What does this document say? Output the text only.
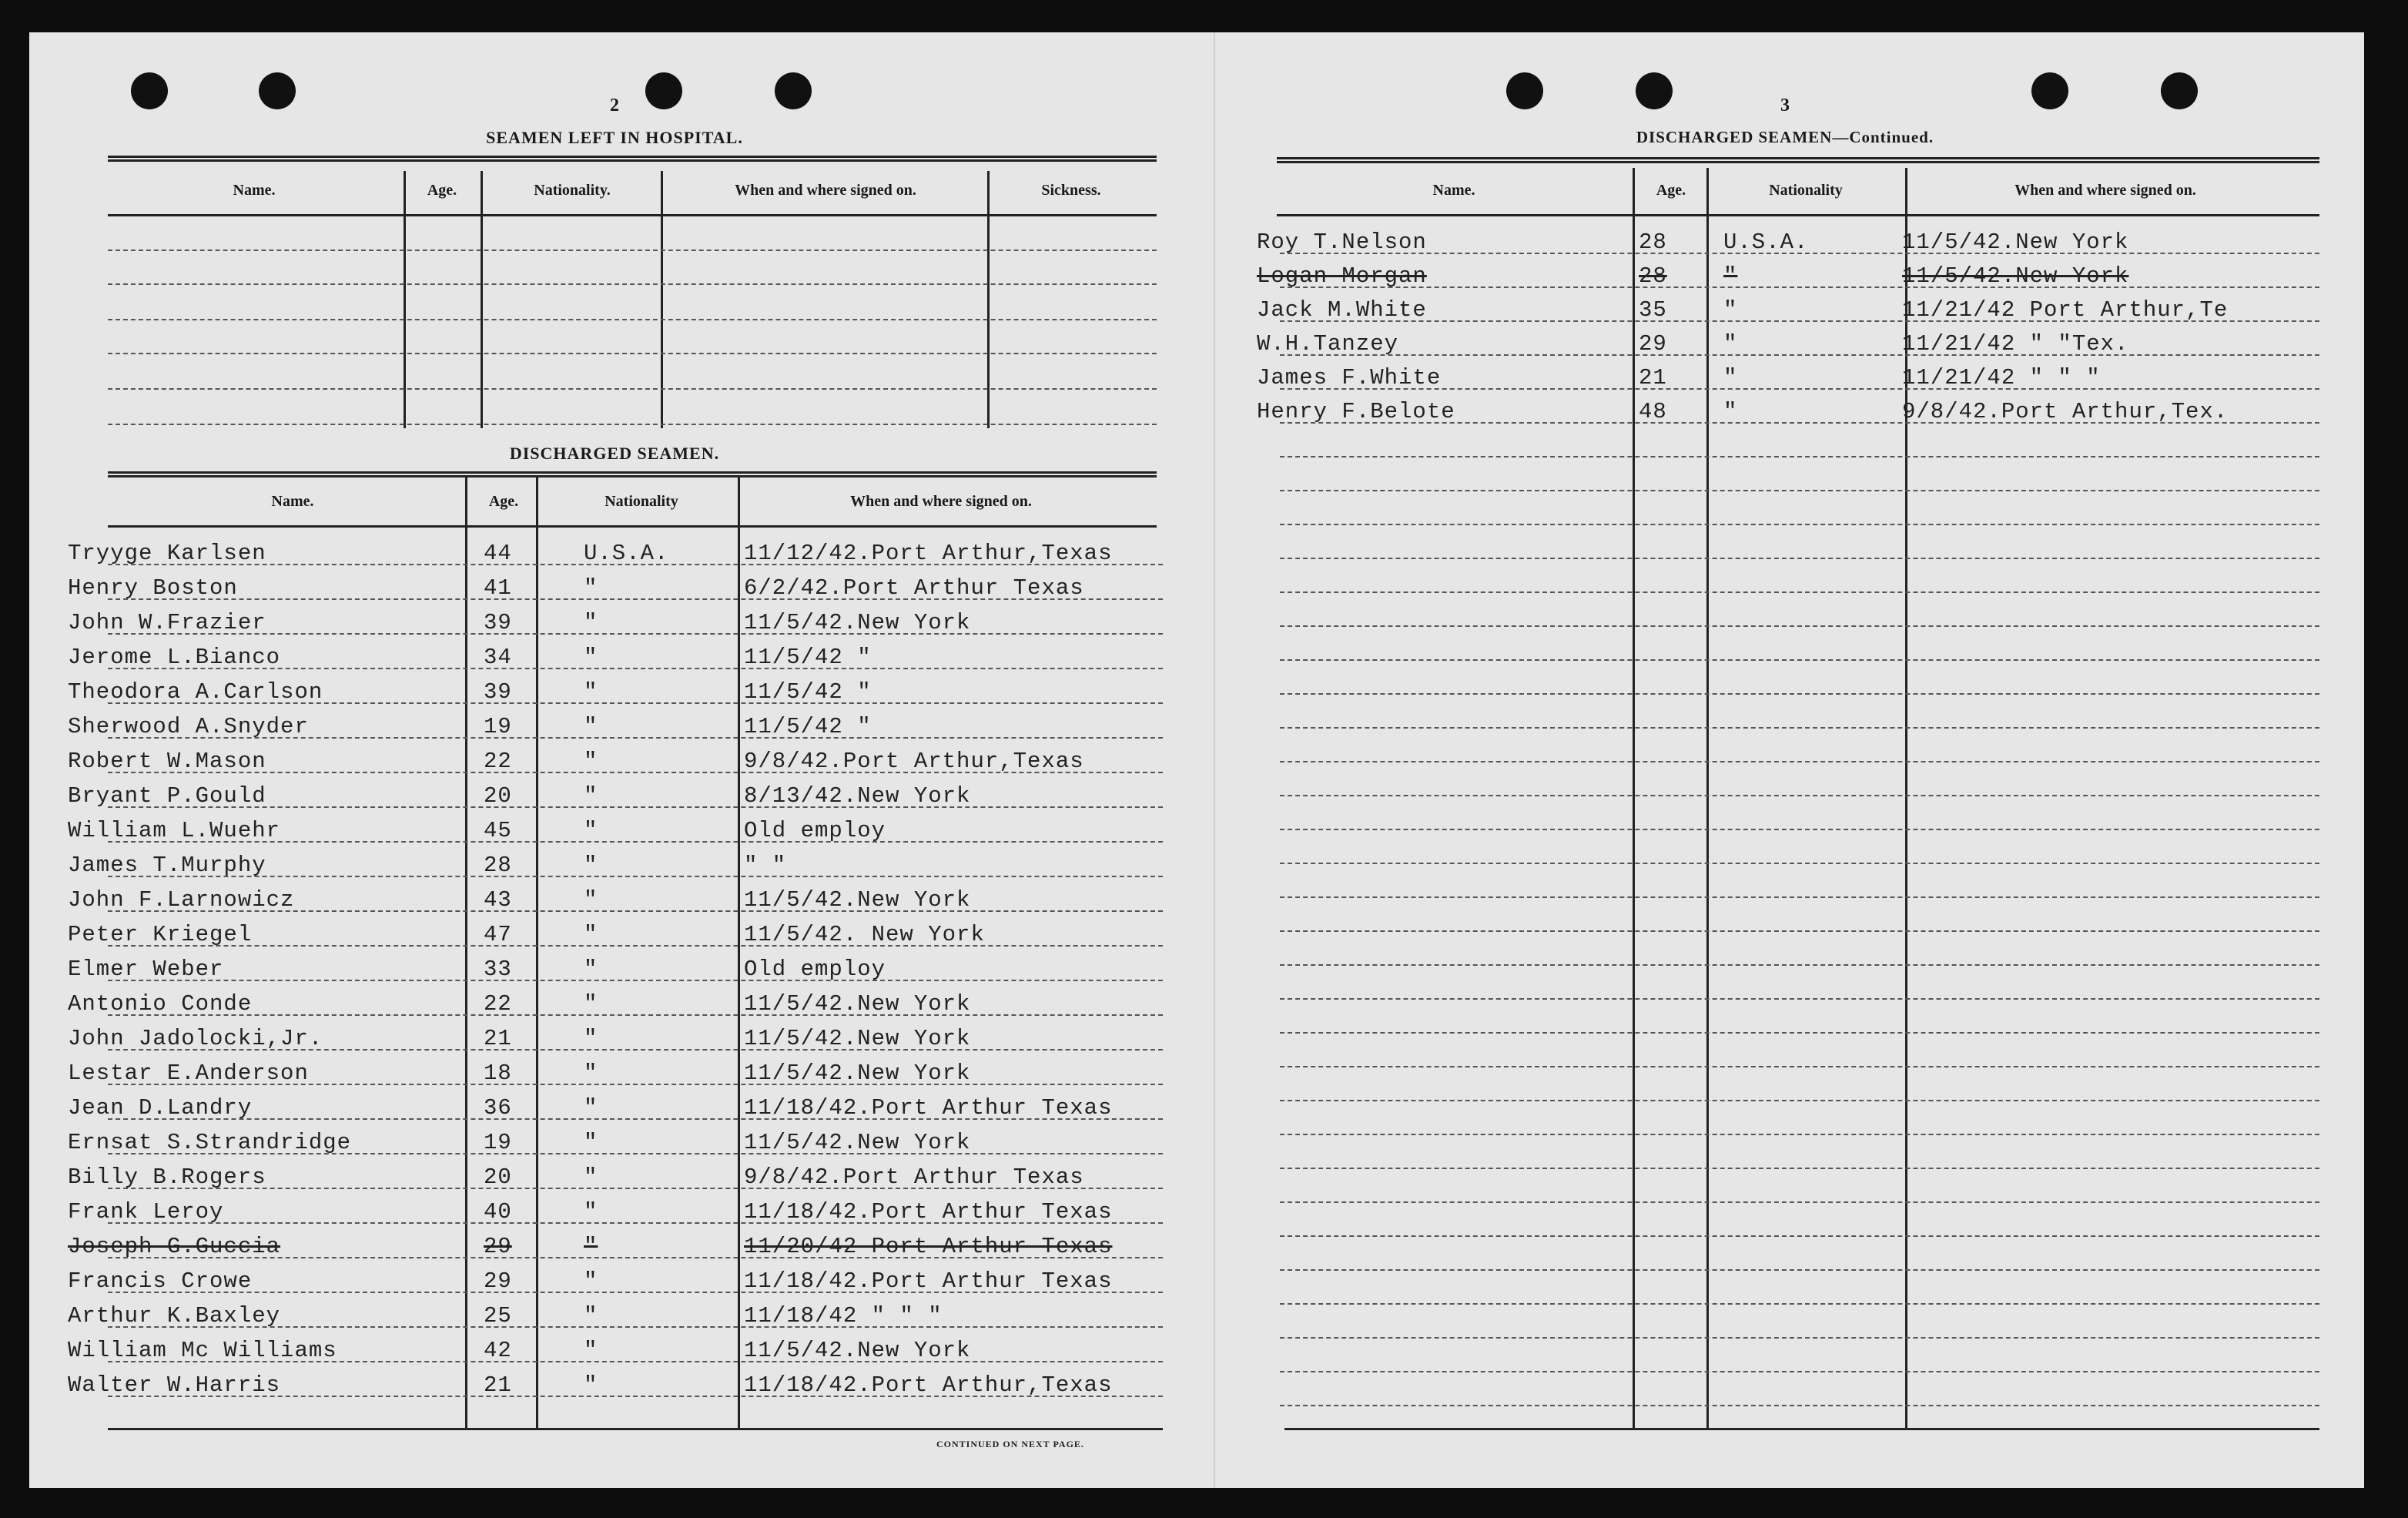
2
SEAMEN LEFT IN HOSPITAL.
Name.	Age.	Nationality.	When and where signed on.	Sickness.
DISCHARGED SEAMEN.
Name.	Age.	Nationality	When and where signed on.
CONTINUED ON NEXT PAGE.
Tryyge Karlsen	44	U.S.A.	11/12/42.Port Arthur,Texas
Henry Boston	41	"	6/2/42.Port Arthur Texas
John W.Frazier	39	"	11/5/42.New York
Jerome L.Bianco	34	"	11/5/42 "
Theodora A.Carlson	39	"	11/5/42 "
Sherwood A.Snyder	19	"	11/5/42 "
Robert W.Mason	22	"	9/8/42.Port Arthur,Texas
Bryant P.Gould	20	"	8/13/42.New York
William L.Wuehr	45	"	Old employ
James T.Murphy	28	"	" "
John F.Larnowicz	43	"	11/5/42.New York
Peter Kriegel	47	"	11/5/42. New York
Elmer Weber	33	"	Old employ
Antonio Conde	22	"	11/5/42.New York
John Jadolocki,Jr.	21	"	11/5/42.New York
Lestar E.Anderson	18	"	11/5/42.New York
Jean D.Landry	36	"	11/18/42.Port Arthur Texas
Ernsat S.Strandridge	19	"	11/5/42.New York
Billy B.Rogers	20	"	9/8/42.Port Arthur Texas
Frank Leroy	40	"	11/18/42.Port Arthur Texas
Joseph G.Guccia	29	"	11/20/42 Port Arthur Texas
Francis Crowe	29	"	11/18/42.Port Arthur Texas
Arthur K.Baxley	25	"	11/18/42 " " "
William Mc Williams	42	"	11/5/42.New York
Walter W.Harris	21	"	11/18/42.Port Arthur,Texas
3
DISCHARGED SEAMEN—Continued.
Name.	Age.	Nationality	When and where signed on.
Roy T.Nelson	28	U.S.A.	11/5/42.New York
Logan Morgan	28	"	11/5/42.New York
Jack M.White	35	"	11/21/42 Port Arthur,Te
W.H.Tanzey	29	"	11/21/42 " "Tex.
James F.White	21	"	11/21/42 " " "
Henry F.Belote	48	"	9/8/42.Port Arthur,Tex.
